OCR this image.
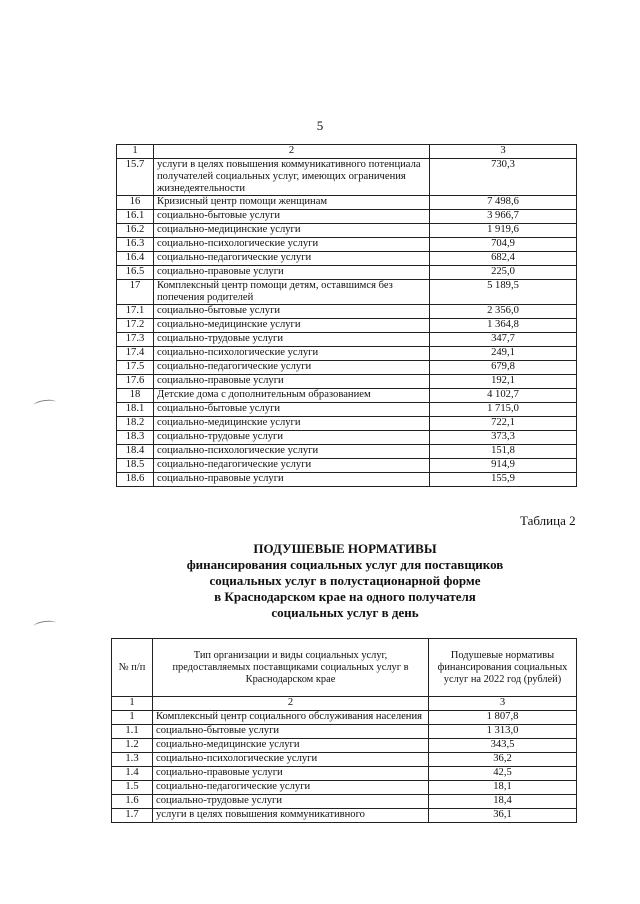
5
1	2	3
15.7	услуги в целях повышения коммуникативного потенциала получателей социальных услуг, имеющих ограничения жизнедеятельности	730,3
16	Кризисный центр помощи женщинам	7 498,6
16.1	социально-бытовые услуги	3 966,7
16.2	социально-медицинские услуги	1 919,6
16.3	социально-психологические услуги	704,9
16.4	социально-педагогические услуги	682,4
16.5	социально-правовые услуги	225,0
17	Комплексный центр помощи детям, оставшимся без попечения родителей	5 189,5
17.1	социально-бытовые услуги	2 356,0
17.2	социально-медицинские услуги	1 364,8
17.3	социально-трудовые услуги	347,7
17.4	социально-психологические услуги	249,1
17.5	социально-педагогические услуги	679,8
17.6	социально-правовые услуги	192,1
18	Детские дома с дополнительным образованием	4 102,7
18.1	социально-бытовые услуги	1 715,0
18.2	социально-медицинские услуги	722,1
18.3	социально-трудовые услуги	373,3
18.4	социально-психологические услуги	151,8
18.5	социально-педагогические услуги	914,9
18.6	социально-правовые услуги	155,9
Таблица 2
ПОДУШЕВЫЕ НОРМАТИВЫ
финансирования социальных услуг для поставщиков
социальных услуг в полустационарной форме
в Краснодарском крае на одного получателя
социальных услуг в день
№ п/п	Тип организации и виды социальных услуг, предоставляемых поставщиками социальных услуг в Краснодарском крае	Подушевые нормативы финансирования социальных услуг на 2022 год (рублей)
1	2	3
1	Комплексный центр социального обслуживания населения	1 807,8
1.1	социально-бытовые услуги	1 313,0
1.2	социально-медицинские услуги	343,5
1.3	социально-психологические услуги	36,2
1.4	социально-правовые услуги	42,5
1.5	социально-педагогические услуги	18,1
1.6	социально-трудовые услуги	18,4
1.7	услуги в целях повышения коммуникативного	36,1
